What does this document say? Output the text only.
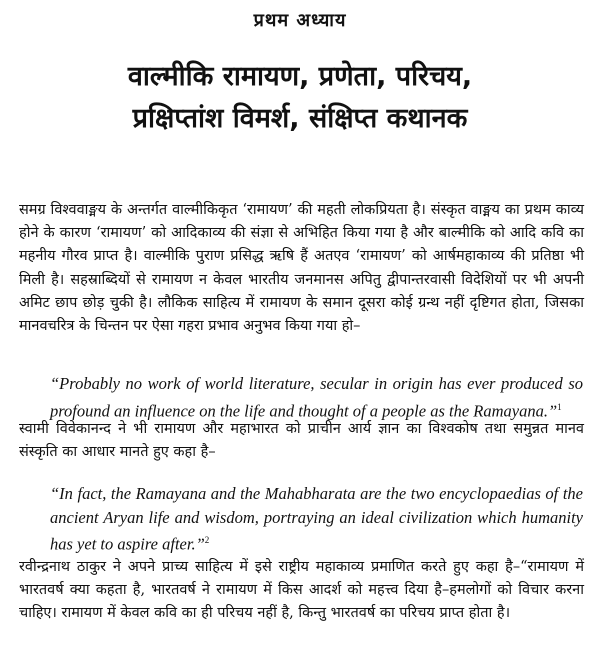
प्रथम अध्याय
वाल्मीकि रामायण, प्रणेता, परिचय,
प्रक्षिप्तांश विमर्श, संक्षिप्त कथानक

समग्र विश्ववाङ्मय के अन्तर्गत वाल्मीकिकृत ‘रामायण’ की महती लोकप्रियता है। संस्कृत वाङ्मय का प्रथम काव्य होने के कारण ‘रामायण’ को आदिकाव्य की संज्ञा से अभिहित किया गया है और बाल्मीकि को आदि कवि का महनीय गौरव प्राप्त है। वाल्मीकि पुराण प्रसिद्ध ऋषि हैं अतएव ‘रामायण’ को आर्षमहाकाव्य की प्रतिष्ठा भी मिली है। सहस्राब्दियों से रामायण न केवल भारतीय जनमानस अपितु द्वीपान्तरवासी विदेशियों पर भी अपनी अमिट छाप छोड़ चुकी है। लौकिक साहित्य में रामायण के समान दूसरा कोई ग्रन्थ नहीं दृष्टिगत होता, जिसका मानवचरित्र के चिन्तन पर ऐसा गहरा प्रभाव अनुभव किया गया हो–

“Probably no work of world literature, secular in origin has ever produced so profound an influence on the life and thought of a people as the Ramayana.”$^1$

स्वामी विवेकानन्द ने भी रामायण और महाभारत को प्राचीन आर्य ज्ञान का विश्वकोष तथा समुन्नत मानव संस्कृति का आधार मानते हुए कहा है–

“In fact, the Ramayana and the Mahabharata are the two encyclopaedias of the ancient Aryan life and wisdom, portraying an ideal civilization which humanity has yet to aspire after.”$^2$

रवीन्द्रनाथ ठाकुर ने अपने प्राच्य साहित्य में इसे राष्ट्रीय महाकाव्य प्रमाणित करते हुए कहा है–“रामायण में भारतवर्ष क्या कहता है, भारतवर्ष ने रामायण में किस आदर्श को महत्त्व दिया है–हमलोगों को विचार करना चाहिए। रामायण में केवल कवि का ही परिचय नहीं है, किन्तु भारतवर्ष का परिचय प्राप्त होता है।
